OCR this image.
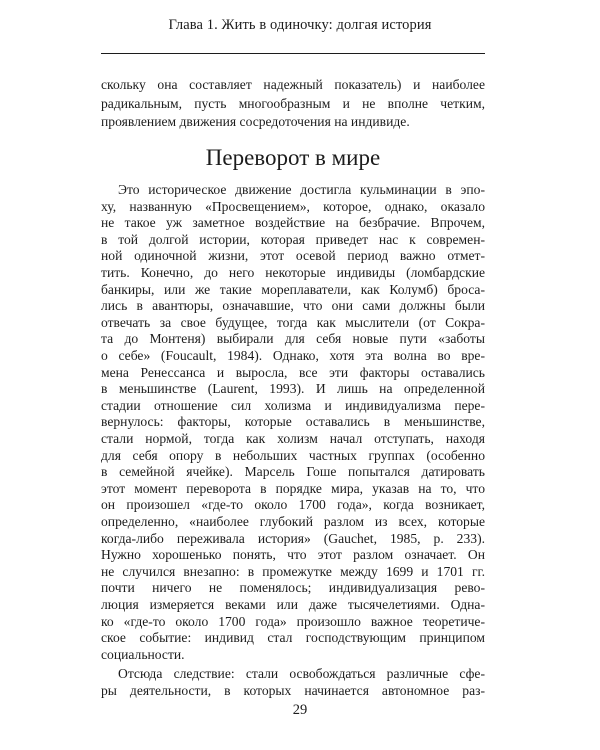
Глава 1. Жить в одиночку: долгая история
скольку она составляет надежный показатель) и наиболее
радикальным, пусть многообразным и не вполне четким,
проявлением движения сосредоточения на индивиде.
Переворот в мире
Это историческое движение достигла кульминации в эпо-
ху, названную «Просвещением», которое, однако, оказало
не такое уж заметное воздействие на безбрачие. Впрочем,
в той долгой истории, которая приведет нас к современ-
ной одиночной жизни, этот осевой период важно отмет-
тить. Конечно, до него некоторые индивиды (ломбардские
банкиры, или же такие мореплаватели, как Колумб) броса-
лись в авантюры, означавшие, что они сами должны были
отвечать за свое будущее, тогда как мыслители (от Сокра-
та до Монтеня) выбирали для себя новые пути «заботы
о себе» (Foucault, 1984). Однако, хотя эта волна во вре-
мена Ренессанса и выросла, все эти факторы оставались
в меньшинстве (Laurent, 1993). И лишь на определенной
стадии отношение сил холизма и индивидуализма пере-
вернулось: факторы, которые оставались в меньшинстве,
стали нормой, тогда как холизм начал отступать, находя
для себя опору в небольших частных группах (особенно
в семейной ячейке). Марсель Гоше попытался датировать
этот момент переворота в порядке мира, указав на то, что
он произошел «где-то около 1700 года», когда возникает,
определенно, «наиболее глубокий разлом из всех, которые
когда-либо переживала история» (Gauchet, 1985, p. 233).
Нужно хорошенько понять, что этот разлом означает. Он
не случился внезапно: в промежутке между 1699 и 1701 гг.
почти ничего не поменялось; индивидуализация рево-
люция измеряется веками или даже тысячелетиями. Одна-
ко «где-то около 1700 года» произошло важное теоретиче-
ское событие: индивид стал господствующим принципом
социальности.
Отсюда следствие: стали освобождаться различные сфе-
ры деятельности, в которых начинается автономное раз-
29
